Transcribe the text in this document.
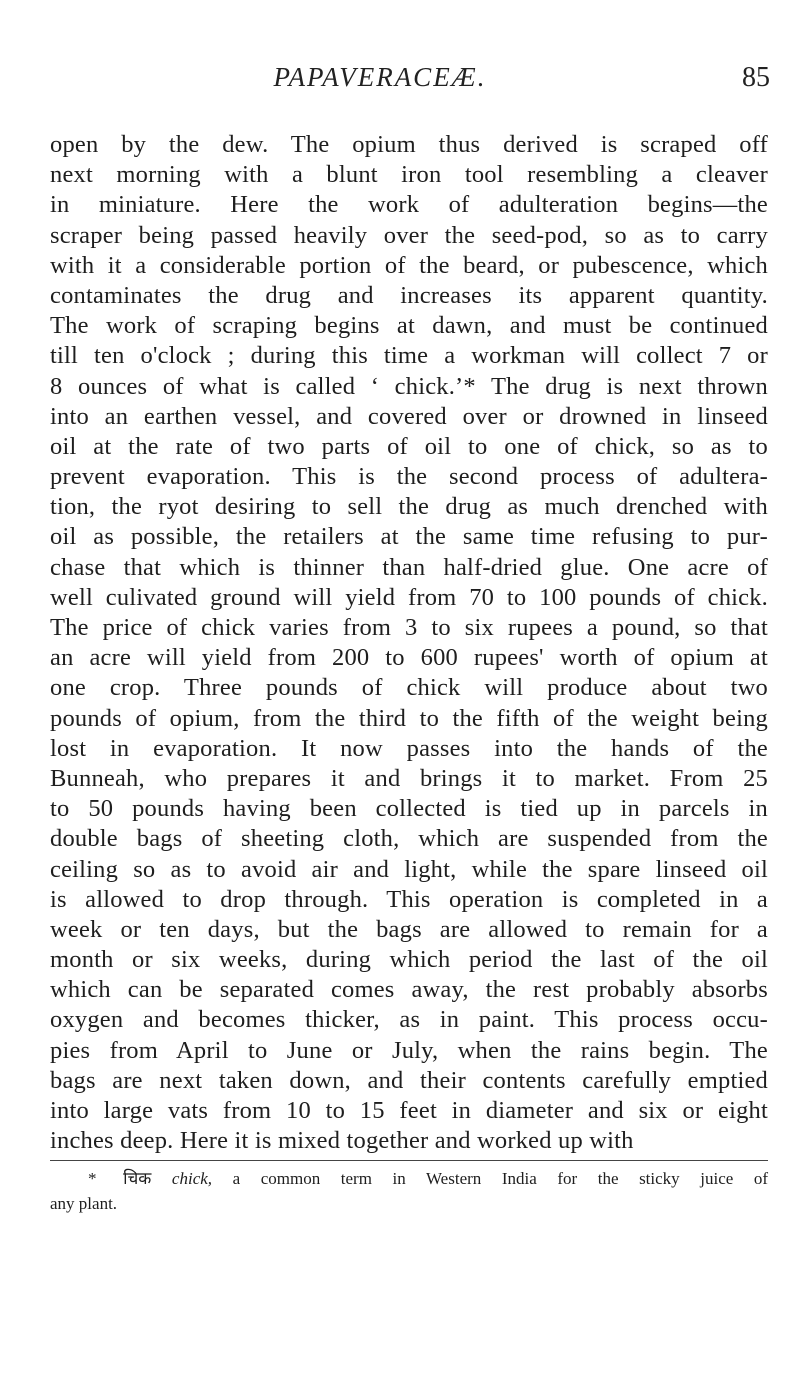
PAPAVERACEÆ.	85
open by the dew. The opium thus derived is scraped off
next morning with a blunt iron tool resembling a cleaver
in miniature. Here the work of adulteration begins—the
scraper being passed heavily over the seed-pod, so as to carry
with it a considerable portion of the beard, or pubescence, which
contaminates the drug and increases its apparent quantity.
The work of scraping begins at dawn, and must be continued
till ten o'clock ; during this time a workman will collect 7 or
8 ounces of what is called ‘ chick.’* The drug is next thrown
into an earthen vessel, and covered over or drowned in linseed
oil at the rate of two parts of oil to one of chick, so as to
prevent evaporation. This is the second process of adultera-
tion, the ryot desiring to sell the drug as much drenched with
oil as possible, the retailers at the same time refusing to pur-
chase that which is thinner than half-dried glue. One acre of
well culivated ground will yield from 70 to 100 pounds of chick.
The price of chick varies from 3 to six rupees a pound, so that
an acre will yield from 200 to 600 rupees' worth of opium at
one crop. Three pounds of chick will produce about two
pounds of opium, from the third to the fifth of the weight being
lost in evaporation. It now passes into the hands of the
Bunneah, who prepares it and brings it to market. From 25
to 50 pounds having been collected is tied up in parcels in
double bags of sheeting cloth, which are suspended from the
ceiling so as to avoid air and light, while the spare linseed oil
is allowed to drop through. This operation is completed in a
week or ten days, but the bags are allowed to remain for a
month or six weeks, during which period the last of the oil
which can be separated comes away, the rest probably absorbs
oxygen and becomes thicker, as in paint. This process occu-
pies from April to June or July, when the rains begin. The
bags are next taken down, and their contents carefully emptied
into large vats from 10 to 15 feet in diameter and six or eight
inches deep. Here it is mixed together and worked up with
* चिक chick, a common term in Western India for the sticky juice of
any plant.
